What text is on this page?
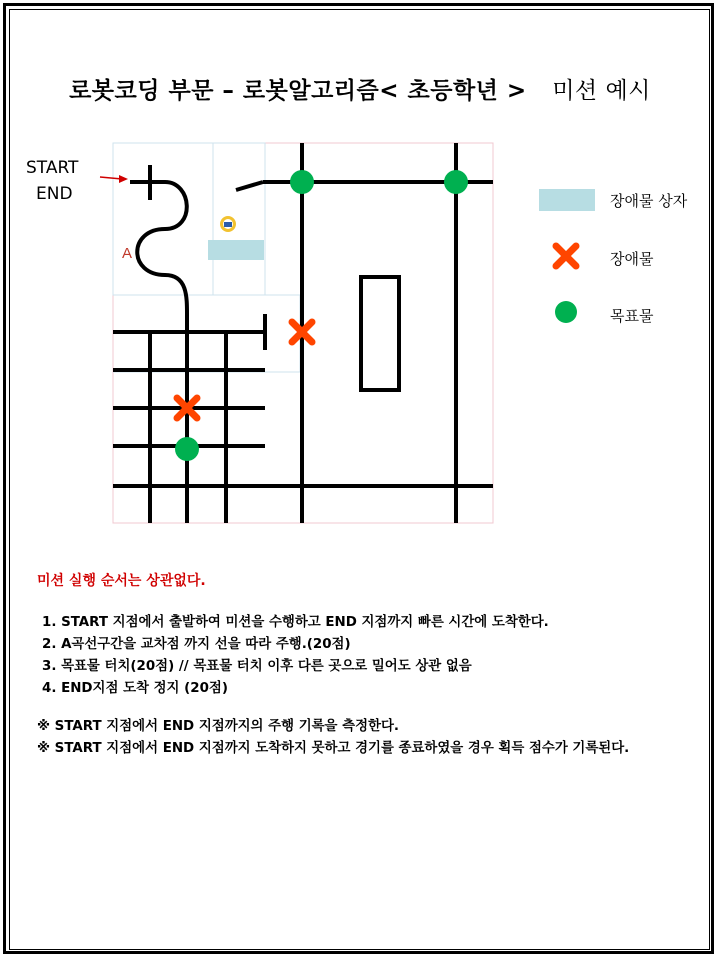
로봇코딩 부문 – 로봇알고리즘< 초등학년 > 미션 예시
START
END
A
장애물 상자
장애물
목표물
미션 실행 순서는 상관없다.
1. START 지점에서 출발하여 미션을 수행하고 END 지점까지 빠른 시간에 도착한다.
2. A곡선구간을 교차점 까지 선을 따라 주행.(20점)
3. 목표물 터치(20점) // 목표물 터치 이후 다른 곳으로 밀어도 상관 없음
4. END지점 도착 정지 (20점)
※ START 지점에서 END 지점까지의 주행 기록을 측정한다.
※ START 지점에서 END 지점까지 도착하지 못하고 경기를 종료하였을 경우 획득 점수가 기록된다.
